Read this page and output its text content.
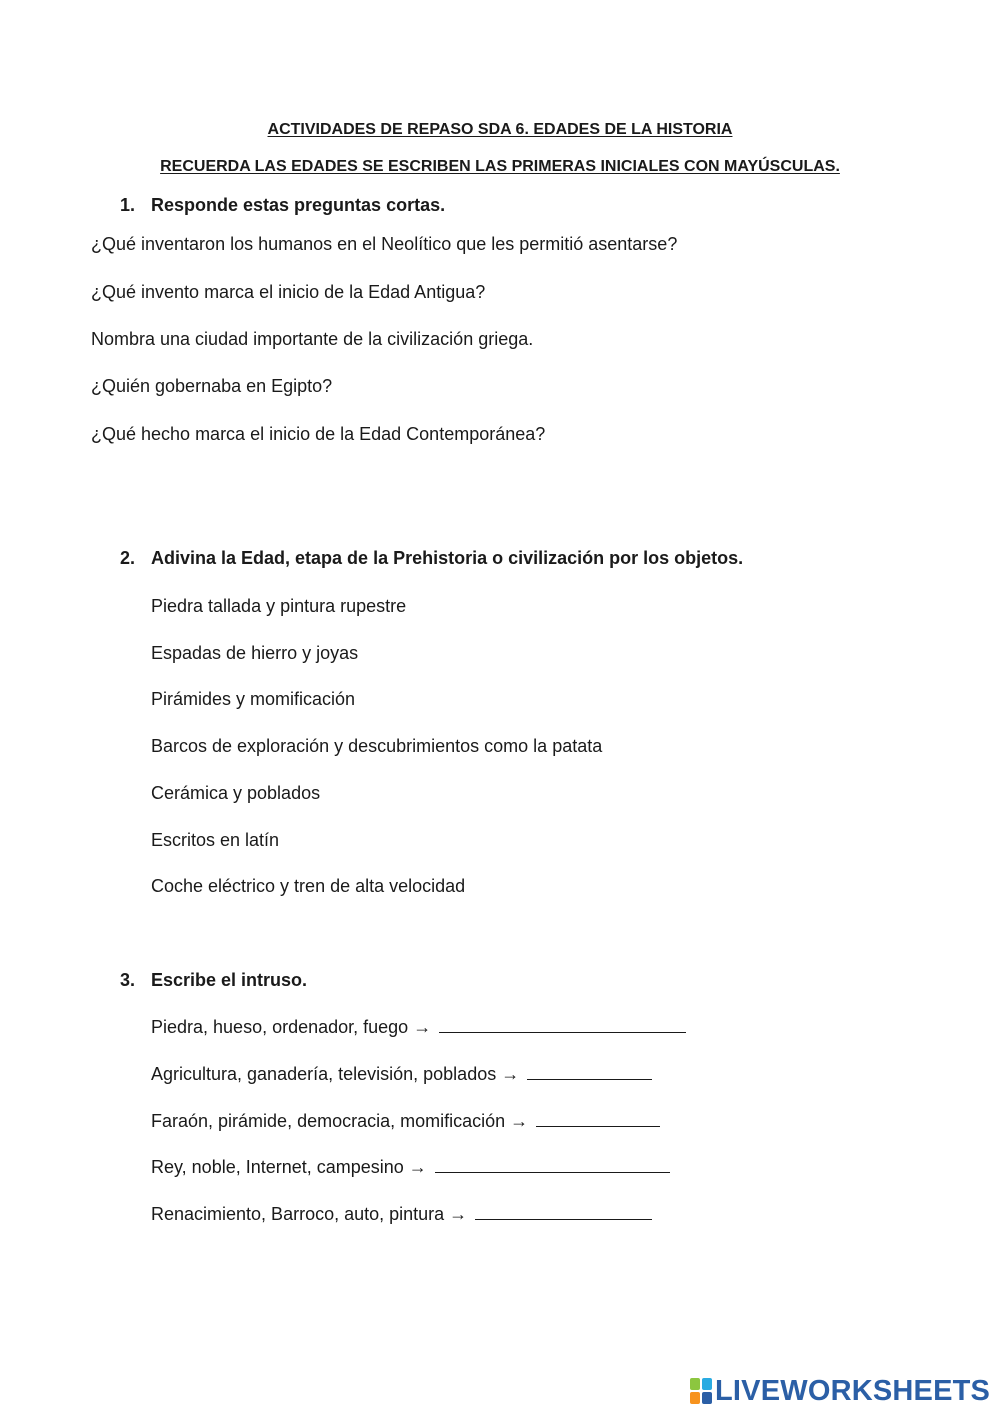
ACTIVIDADES DE REPASO SDA 6. EDADES DE LA HISTORIA
RECUERDA LAS EDADES SE ESCRIBEN LAS PRIMERAS INICIALES CON MAYÚSCULAS.
1. Responde estas preguntas cortas.
¿Qué inventaron los humanos en el Neolítico que les permitió asentarse?
¿Qué invento marca el inicio de la Edad Antigua?
Nombra una ciudad importante de la civilización griega.
¿Quién gobernaba en Egipto?
¿Qué hecho marca el inicio de la Edad Contemporánea?
2. Adivina la Edad, etapa de la Prehistoria o civilización por los objetos.
Piedra tallada y pintura rupestre
Espadas de hierro y joyas
Pirámides y momificación
Barcos de exploración y descubrimientos como la patata
Cerámica y poblados
Escritos en latín
Coche eléctrico y tren de alta velocidad
3. Escribe el intruso.
Piedra, hueso, ordenador, fuego →
Agricultura, ganadería, televisión, poblados →
Faraón, pirámide, democracia, momificación →
Rey, noble, Internet, campesino →
Renacimiento, Barroco, auto, pintura →
LIVEWORKSHEETS
